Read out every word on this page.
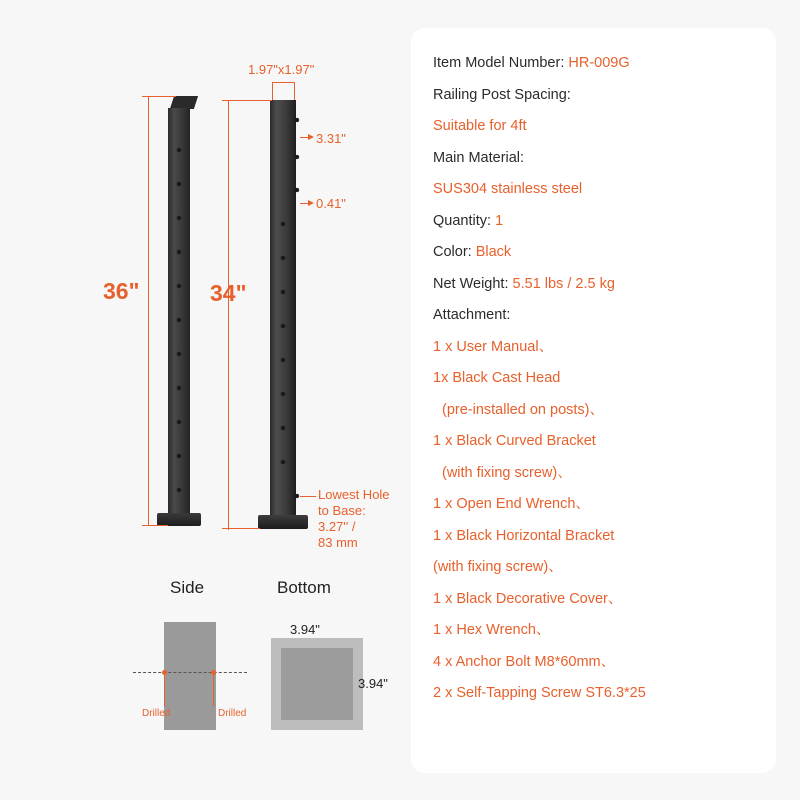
1.97"x1.97"
36"	34"
3.31"
0.41"
Lowest Hole
to Base:
3.27'' /
83 mm
Side
Drilled	Drilled
Bottom
3.94"
3.94"
Item Model Number: HR-009G
Railing Post Spacing:
Suitable for 4ft
Main Material:
SUS304 stainless steel
Quantity: 1
Color: Black
Net Weight: 5.51 lbs / 2.5 kg
Attachment:
1 x User Manual、
1x Black Cast Head
(pre-installed on posts)、
1 x Black Curved Bracket
(with fixing screw)、
1 x Open End Wrench、
1 x Black Horizontal Bracket
(with fixing screw)、
1 x Black Decorative Cover、
1 x Hex Wrench、
4 x Anchor Bolt M8*60mm、
2 x Self-Tapping Screw ST6.3*25
